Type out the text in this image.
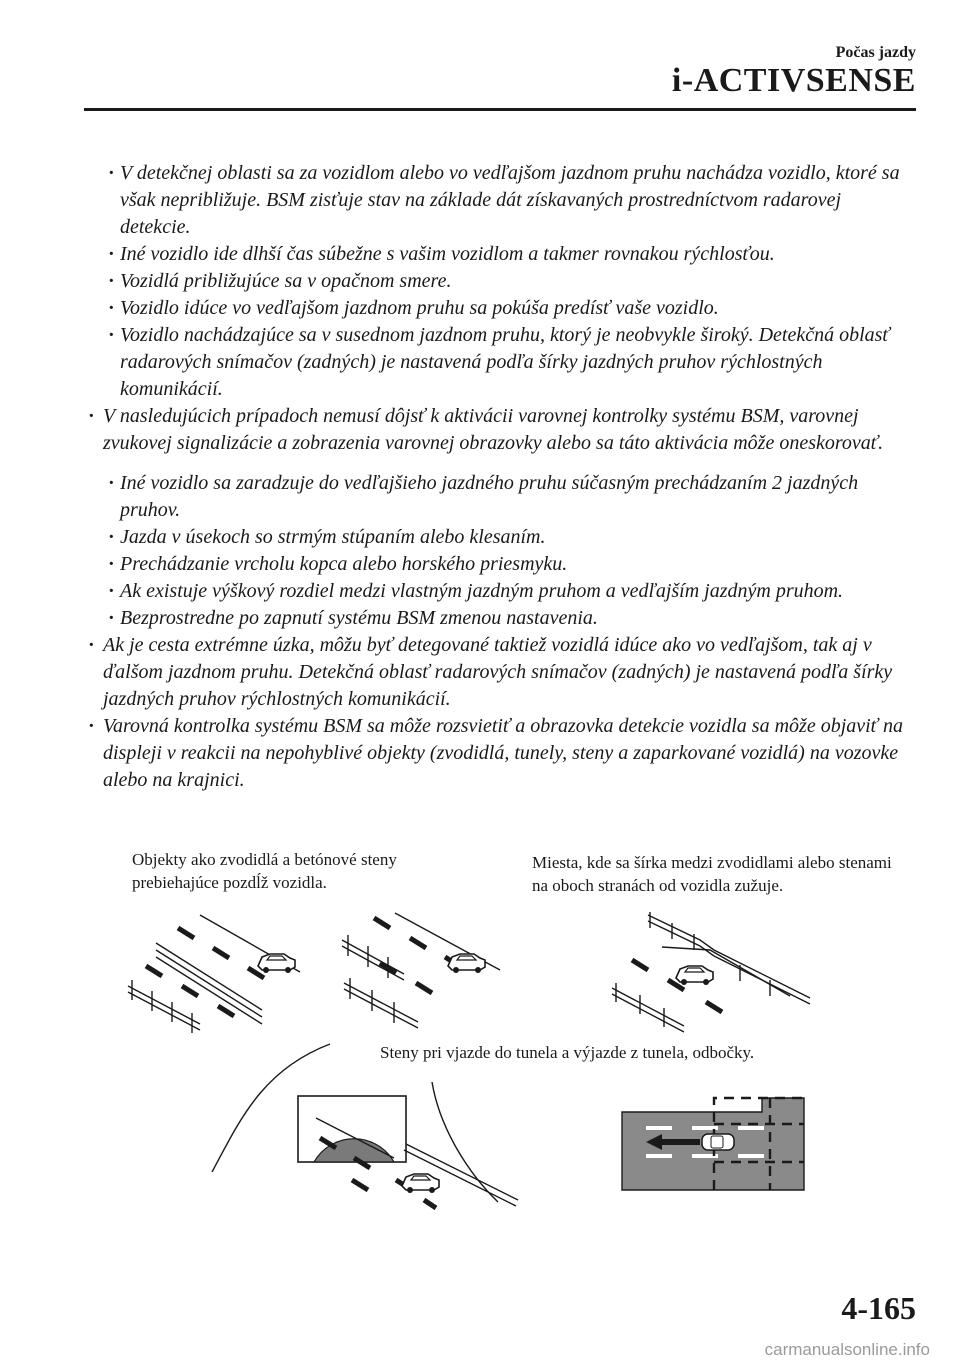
Počas jazdy
i-ACTIVSENSE

· V detekčnej oblasti sa za vozidlom alebo vo vedľajšom jazdnom pruhu nachádza vozidlo, ktoré sa však nepribližuje. BSM zisťuje stav na základe dát získavaných prostredníctvom radarovej detekcie.

· Iné vozidlo ide dlhší čas súbežne s vašim vozidlom a takmer rovnakou rýchlosťou.

· Vozidlá približujúce sa v opačnom smere.

· Vozidlo idúce vo vedľajšom jazdnom pruhu sa pokúša predísť vaše vozidlo.

· Vozidlo nachádzajúce sa v susednom jazdnom pruhu, ktorý je neobvykle široký. Detekčná oblasť radarových snímačov (zadných) je nastavená podľa šírky jazdných pruhov rýchlostných komunikácií.

· V nasledujúcich prípadoch nemusí dôjsť k aktivácii varovnej kontrolky systému BSM, varovnej zvukovej signalizácie a zobrazenia varovnej obrazovky alebo sa táto aktivácia môže oneskorovať.

· Iné vozidlo sa zaradzuje do vedľajšieho jazdného pruhu súčasným prechádzaním 2 jazdných pruhov.

· Jazda v úsekoch so strmým stúpaním alebo klesaním.

· Prechádzanie vrcholu kopca alebo horského priesmyku.

· Ak existuje výškový rozdiel medzi vlastným jazdným pruhom a vedľajším jazdným pruhom.

· Bezprostredne po zapnutí systému BSM zmenou nastavenia.

· Ak je cesta extrémne úzka, môžu byť detegované taktiež vozidlá idúce ako vo vedľajšom, tak aj v ďalšom jazdnom pruhu. Detekčná oblasť radarových snímačov (zadných) je nastavená podľa šírky jazdných pruhov rýchlostných komunikácií.

· Varovná kontrolka systému BSM sa môže rozsvietiť a obrazovka detekcie vozidla sa môže objaviť na displeji v reakcii na nepohyblivé objekty (zvodidlá, tunely, steny a zaparkované vozidlá) na vozovke alebo na krajnici.

Objekty ako zvodidlá a betónové steny prebiehajúce pozdĺž vozidla.
Miesta, kde sa šírka medzi zvodidlami alebo stenami na oboch stranách od vozidla zužuje.
Steny pri vjazde do tunela a výjazde z tunela, odbočky.
4-165
carmanualsonline.info
